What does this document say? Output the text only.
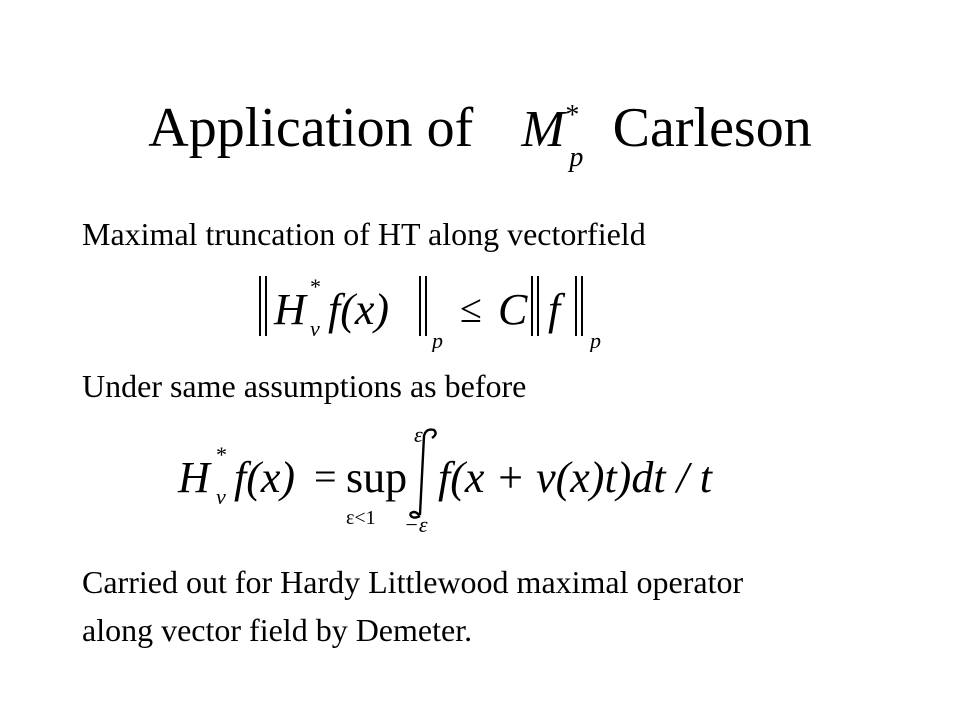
Application of M *
p Carleson
Maximal truncation of HT along vectorfield
H *
v f(x)
p
≤ C f
p
Under same assumptions as before
H *
v f(x) = sup
ε<1
ε
−ε
f(x + v(x)t)dt / t
Carried out for Hardy Littlewood maximal operator
along vector field by Demeter.
